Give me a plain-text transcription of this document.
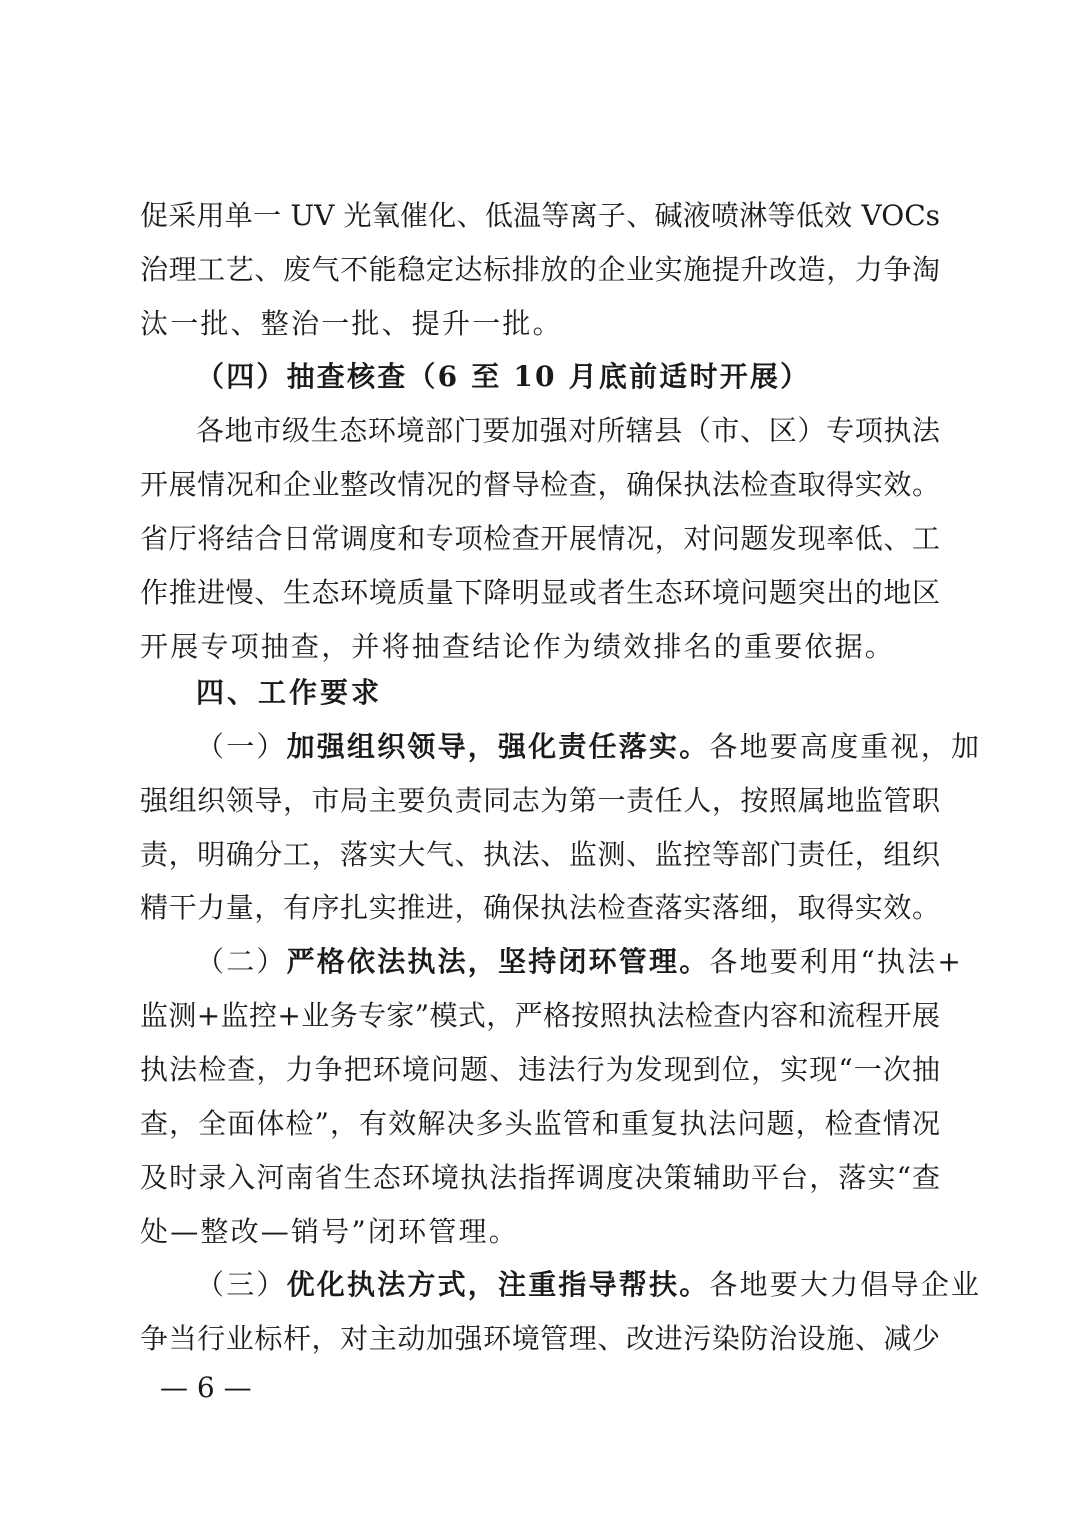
促采用单一 UV 光氧催化、低温等离子、碱液喷淋等低效 VOCs
治理工艺、废气不能稳定达标排放的企业实施提升改造，力争淘
汰一批、整治一批、提升一批。
（四）抽查核查（6 至 10 月底前适时开展）
各地市级生态环境部门要加强对所辖县（市、区）专项执法
开展情况和企业整改情况的督导检查，确保执法检查取得实效。
省厅将结合日常调度和专项检查开展情况，对问题发现率低、工
作推进慢、生态环境质量下降明显或者生态环境问题突出的地区
开展专项抽查，并将抽查结论作为绩效排名的重要依据。
四、工作要求
（一）加强组织领导，强化责任落实。各地要高度重视，加
强组织领导，市局主要负责同志为第一责任人，按照属地监管职
责，明确分工，落实大气、执法、监测、监控等部门责任，组织
精干力量，有序扎实推进，确保执法检查落实落细，取得实效。
（二）严格依法执法，坚持闭环管理。各地要利用“执法+
监测+监控+业务专家”模式，严格按照执法检查内容和流程开展
执法检查，力争把环境问题、违法行为发现到位，实现“一次抽
查，全面体检”，有效解决多头监管和重复执法问题，检查情况
及时录入河南省生态环境执法指挥调度决策辅助平台，落实“查
处—整改—销号”闭环管理。
（三）优化执法方式，注重指导帮扶。各地要大力倡导企业
争当行业标杆，对主动加强环境管理、改进污染防治设施、减少
— 6 —
